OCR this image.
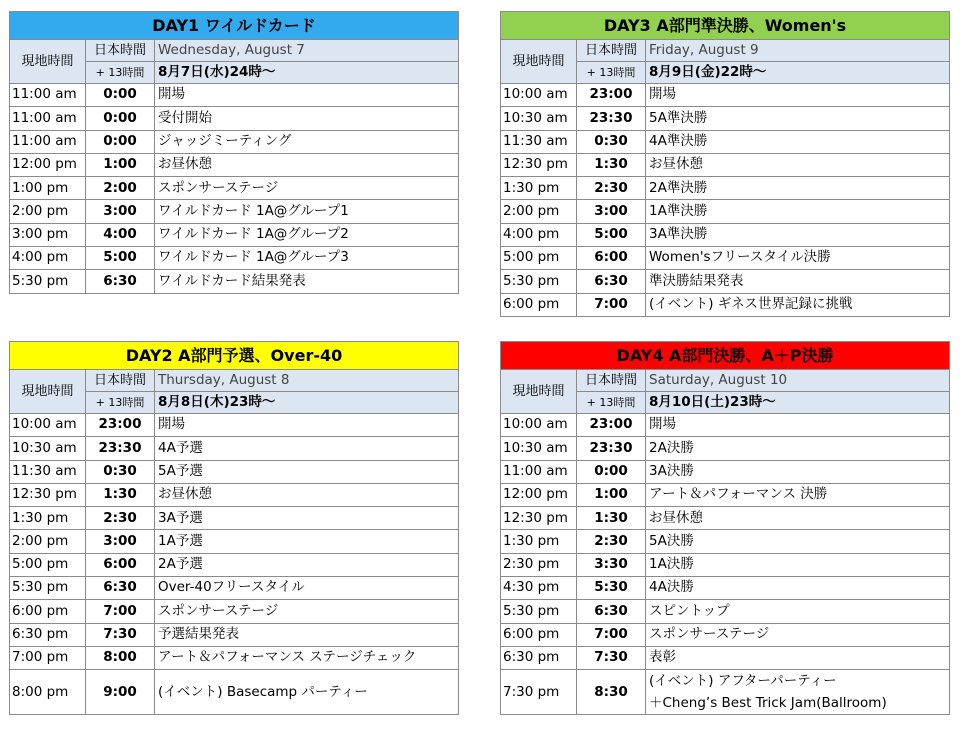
DAY1 ワイルドカード		
現地時間	日本時間	Wednesday, August 7
	+ 13時間	8月7日(水)24時～
11:00 am	0:00	開場
11:00 am	0:00	受付開始
11:00 am	0:00	ジャッジミーティング
12:00 pm	1:00	お昼休憩
1:00 pm	2:00	スポンサーステージ
2:00 pm	3:00	ワイルドカード 1A@グループ1
3:00 pm	4:00	ワイルドカード 1A@グループ2
4:00 pm	5:00	ワイルドカード 1A@グループ3
5:30 pm	6:30	ワイルドカード結果発表
DAY3 A部門準決勝、Women's		
現地時間	日本時間	Friday, August 9
	+ 13時間	8月9日(金)22時～
10:00 am	23:00	開場
10:30 am	23:30	5A準決勝
11:30 am	0:30	4A準決勝
12:30 pm	1:30	お昼休憩
1:30 pm	2:30	2A準決勝
2:00 pm	3:00	1A準決勝
4:00 pm	5:00	3A準決勝
5:00 pm	6:00	Women'sフリースタイル決勝
5:30 pm	6:30	準決勝結果発表
6:00 pm	7:00	(イベント) ギネス世界記録に挑戦
DAY2 A部門予選、Over-40		
現地時間	日本時間	Thursday, August 8
	+ 13時間	8月8日(木)23時～
10:00 am	23:00	開場
10:30 am	23:30	4A予選
11:30 am	0:30	5A予選
12:30 pm	1:30	お昼休憩
1:30 pm	2:30	3A予選
2:00 pm	3:00	1A予選
5:00 pm	6:00	2A予選
5:30 pm	6:30	Over-40フリースタイル
6:00 pm	7:00	スポンサーステージ
6:30 pm	7:30	予選結果発表
7:00 pm	8:00	アート＆パフォーマンス ステージチェック
8:00 pm	9:00	(イベント) Basecamp パーティー
DAY4 A部門決勝、A＋P決勝		
現地時間	日本時間	Saturday, August 10
	+ 13時間	8月10日(土)23時～
10:00 am	23:00	開場
10:30 am	23:30	2A決勝
11:00 am	0:00	3A決勝
12:00 pm	1:00	アート＆パフォーマンス 決勝
12:30 pm	1:30	お昼休憩
1:30 pm	2:30	5A決勝
2:30 pm	3:30	1A決勝
4:30 pm	5:30	4A決勝
5:30 pm	6:30	スピントップ
6:00 pm	7:00	スポンサーステージ
6:30 pm	7:30	表彰
7:30 pm	8:30	(イベント) アフターパーティー
＋Cheng’s Best Trick Jam(Ballroom)
